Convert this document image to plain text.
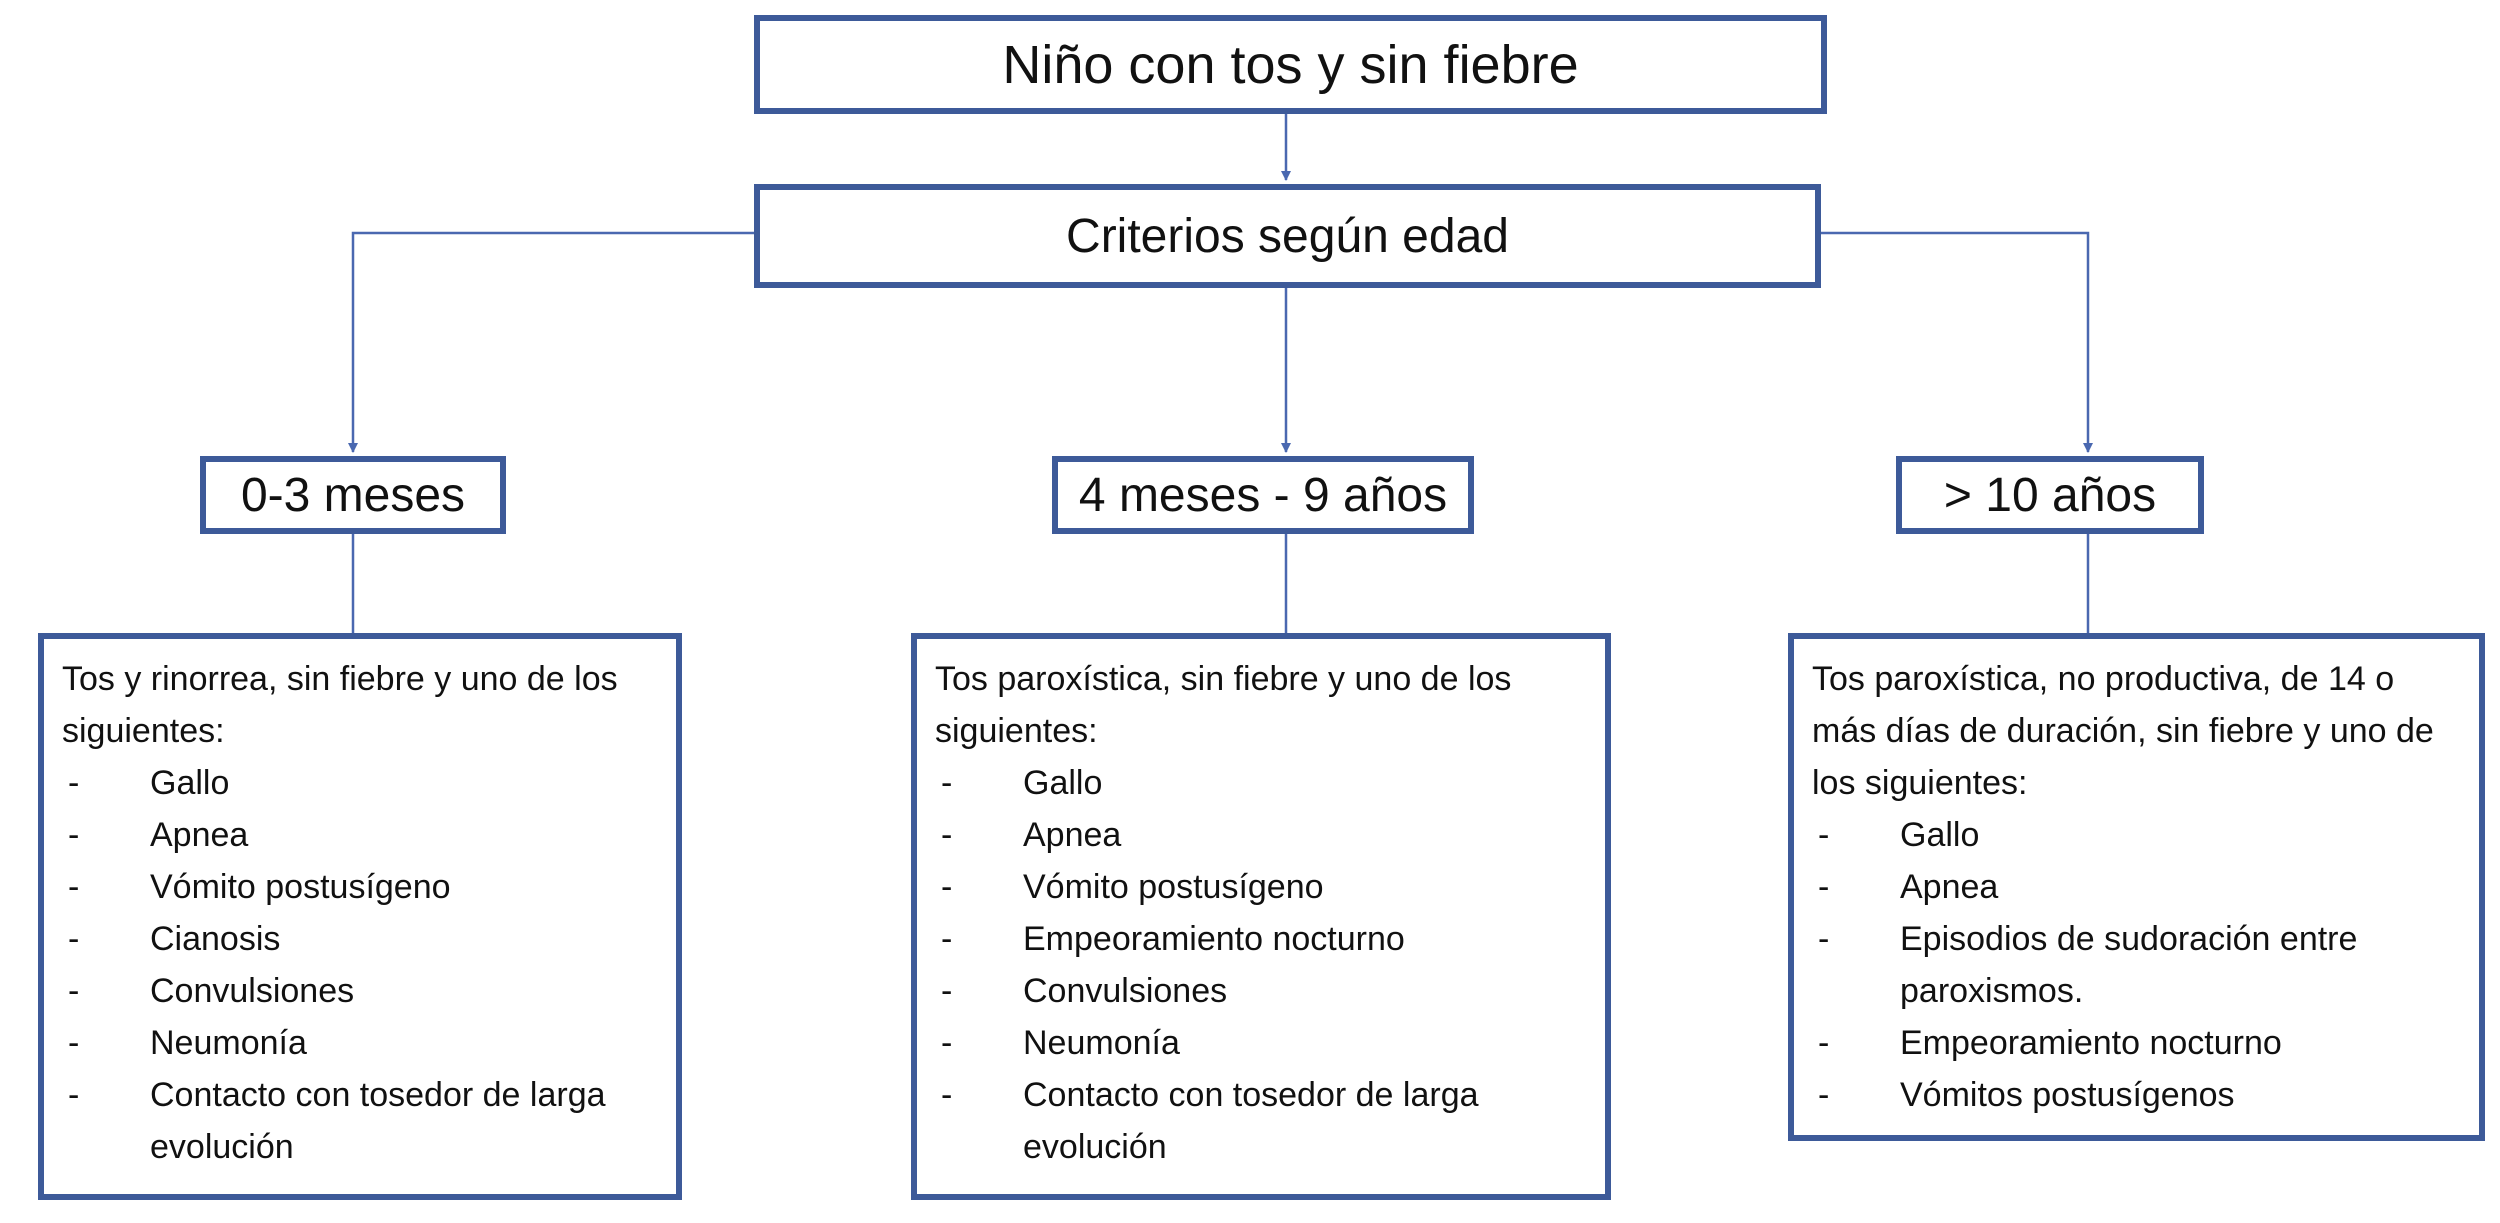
Niño con tos y sin fiebre
Criterios según edad
0-3 meses	4 meses - 9 años	> 10 años

Tos y rinorrea, sin fiebre y uno de los siguientes:

- Gallo
- Apnea
- Vómito postusígeno
- Cianosis
- Convulsiones
- Neumonía
- Contacto con tosedor de larga evolución

Tos paroxística, sin fiebre y uno de los siguientes:

- Gallo
- Apnea
- Vómito postusígeno
- Empeoramiento nocturno
- Convulsiones
- Neumonía
- Contacto con tosedor de larga evolución

Tos paroxística, no productiva, de 14 o más días de duración, sin fiebre y uno de los siguientes:

- Gallo
- Apnea
- Episodios de sudoración entre paroxismos.
- Empeoramiento nocturno
- Vómitos postusígenos
